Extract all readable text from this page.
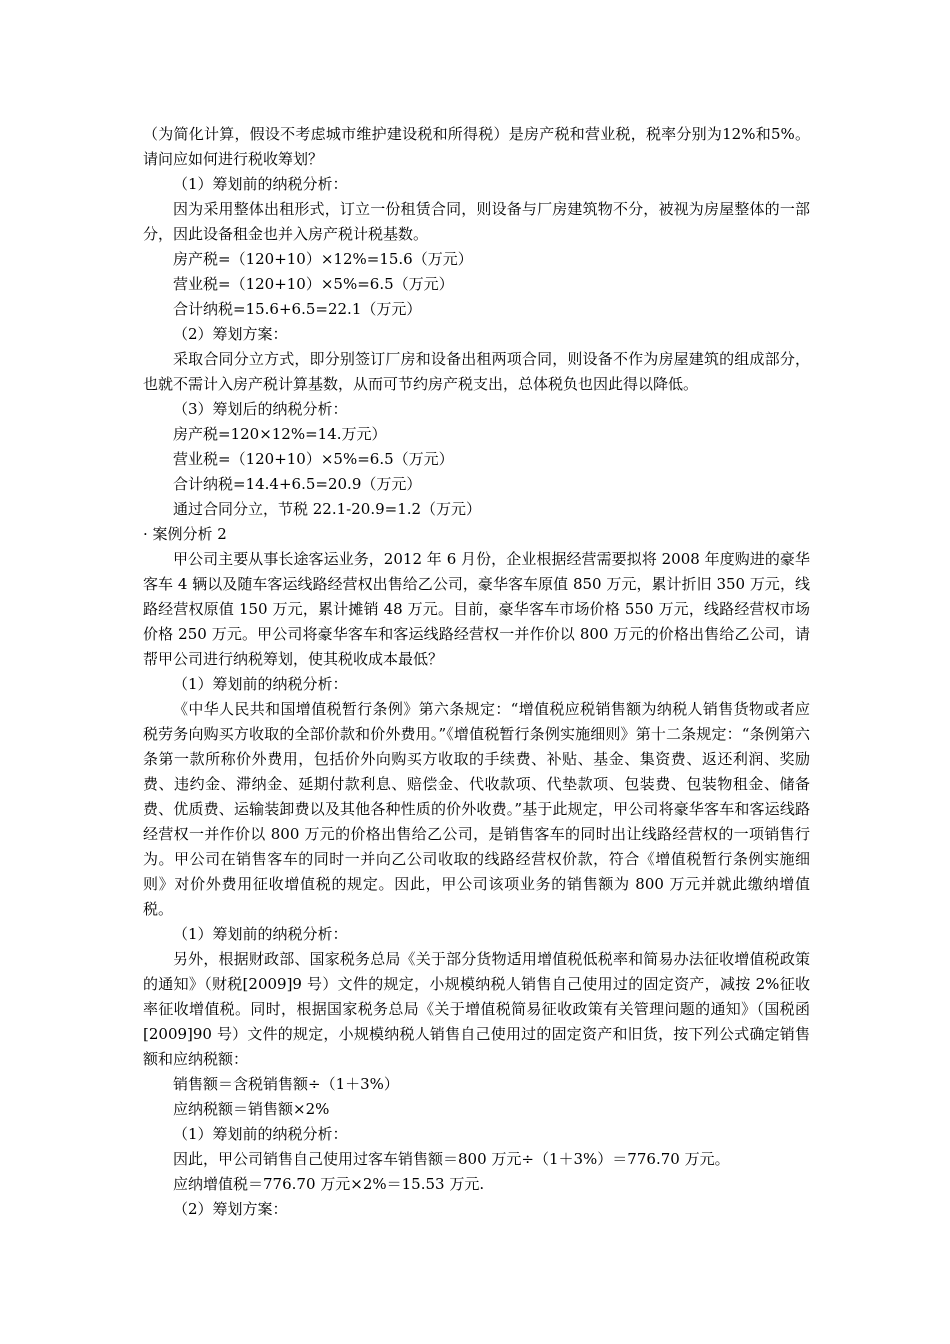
（为简化计算，假设不考虑城市维护建设税和所得税）是房产税和营业税，税率分别为12%和5%。请问应如何进行税收筹划？

（1）筹划前的纳税分析：

因为采用整体出租形式，订立一份租赁合同，则设备与厂房建筑物不分，被视为房屋整体的一部分，因此设备租金也并入房产税计税基数。

房产税=（120+10）×12%=15.6（万元）

营业税=（120+10）×5%=6.5（万元）

合计纳税=15.6+6.5=22.1（万元）

（2）筹划方案：

采取合同分立方式，即分别签订厂房和设备出租两项合同，则设备不作为房屋建筑的组成部分，也就不需计入房产税计算基数，从而可节约房产税支出，总体税负也因此得以降低。

（3）筹划后的纳税分析：

房产税=120×12%=14.万元）

营业税=（120+10）×5%=6.5（万元）

合计纳税=14.4+6.5=20.9（万元）

通过合同分立，节税 22.1-20.9=1.2（万元）

· 案例分析 2

甲公司主要从事长途客运业务，2012 年 6 月份，企业根据经营需要拟将 2008 年度购进的豪华客车 4 辆以及随车客运线路经营权出售给乙公司，豪华客车原值 850 万元，累计折旧 350 万元，线路经营权原值 150 万元，累计摊销 48 万元。目前，豪华客车市场价格 550 万元，线路经营权市场价格 250 万元。甲公司将豪华客车和客运线路经营权一并作价以 800 万元的价格出售给乙公司，请帮甲公司进行纳税筹划，使其税收成本最低？

（1）筹划前的纳税分析：

《中华人民共和国增值税暂行条例》第六条规定：“增值税应税销售额为纳税人销售货物或者应税劳务向购买方收取的全部价款和价外费用。”《增值税暂行条例实施细则》第十二条规定：“条例第六条第一款所称价外费用，包括价外向购买方收取的手续费、补贴、基金、集资费、返还利润、奖励费、违约金、滞纳金、延期付款利息、赔偿金、代收款项、代垫款项、包装费、包装物租金、储备费、优质费、运输装卸费以及其他各种性质的价外收费。”基于此规定，甲公司将豪华客车和客运线路经营权一并作价以 800 万元的价格出售给乙公司，是销售客车的同时出让线路经营权的一项销售行为。甲公司在销售客车的同时一并向乙公司收取的线路经营权价款，符合《增值税暂行条例实施细则》对价外费用征收增值税的规定。因此，甲公司该项业务的销售额为 800 万元并就此缴纳增值税。

（1）筹划前的纳税分析：

另外，根据财政部、国家税务总局《关于部分货物适用增值税低税率和简易办法征收增值税政策的通知》（财税[2009]9 号）文件的规定，小规模纳税人销售自己使用过的固定资产，减按 2%征收率征收增值税。同时，根据国家税务总局《关于增值税简易征收政策有关管理问题的通知》（国税函[2009]90 号）文件的规定，小规模纳税人销售自己使用过的固定资产和旧货，按下列公式确定销售额和应纳税额：

销售额＝含税销售额÷（1＋3%）

应纳税额＝销售额×2%

（1）筹划前的纳税分析：

因此，甲公司销售自己使用过客车销售额＝800 万元÷（1＋3%）＝776.70 万元。

应纳增值税＝776.70 万元×2%＝15.53 万元.

（2）筹划方案：
